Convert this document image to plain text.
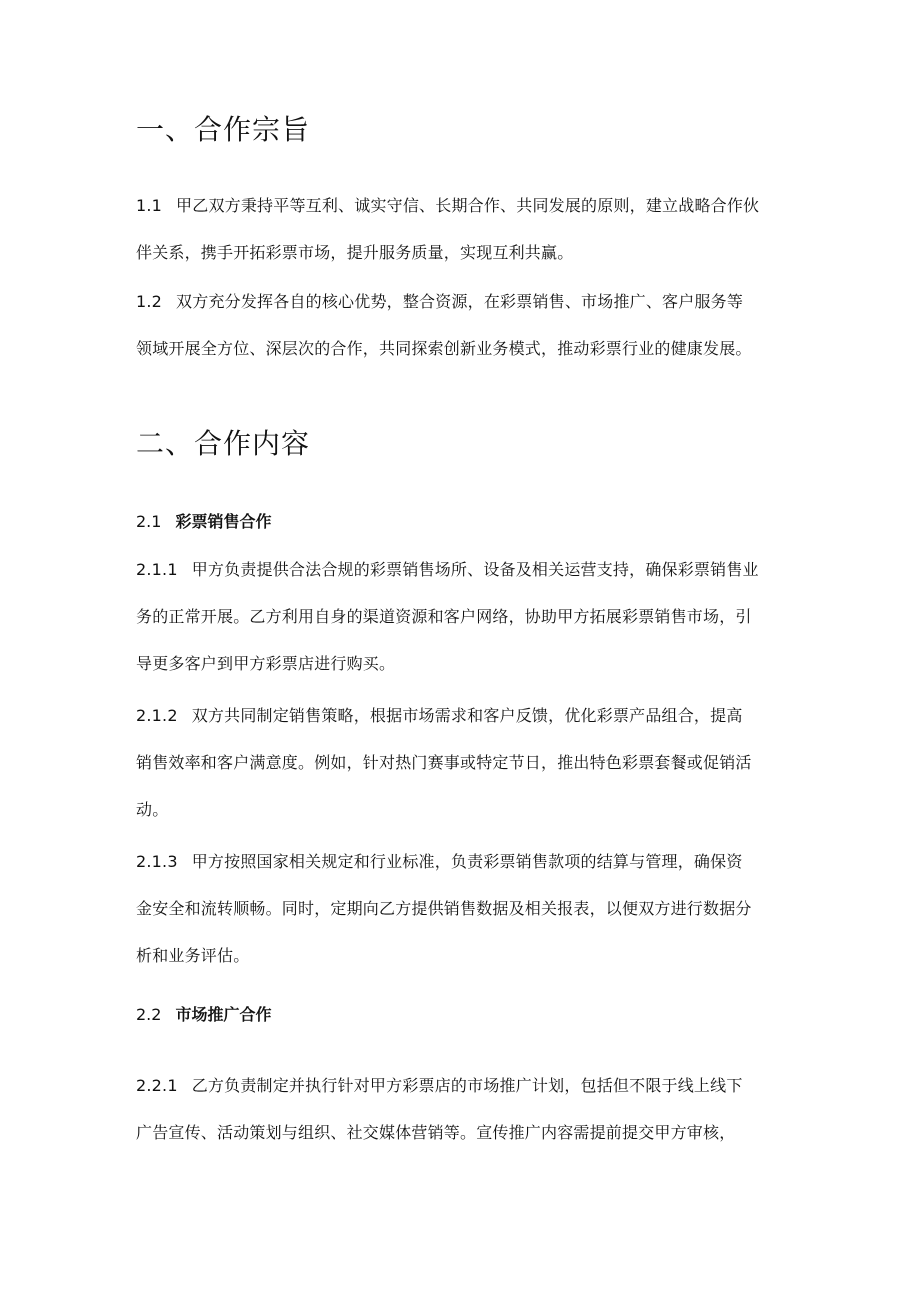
一、合作宗旨
1.1 甲乙双方秉持平等互利、诚实守信、长期合作、共同发展的原则，建立战略合作伙
伴关系，携手开拓彩票市场，提升服务质量，实现互利共赢。
1.2 双方充分发挥各自的核心优势，整合资源，在彩票销售、市场推广、客户服务等
领域开展全方位、深层次的合作，共同探索创新业务模式，推动彩票行业的健康发展。
二、合作内容
2.1 彩票销售合作
2.1.1 甲方负责提供合法合规的彩票销售场所、设备及相关运营支持，确保彩票销售业
务的正常开展。乙方利用自身的渠道资源和客户网络，协助甲方拓展彩票销售市场，引
导更多客户到甲方彩票店进行购买。
2.1.2 双方共同制定销售策略，根据市场需求和客户反馈，优化彩票产品组合，提高
销售效率和客户满意度。例如，针对热门赛事或特定节日，推出特色彩票套餐或促销活
动。
2.1.3 甲方按照国家相关规定和行业标准，负责彩票销售款项的结算与管理，确保资
金安全和流转顺畅。同时，定期向乙方提供销售数据及相关报表，以便双方进行数据分
析和业务评估。
2.2 市场推广合作
2.2.1 乙方负责制定并执行针对甲方彩票店的市场推广计划，包括但不限于线上线下
广告宣传、活动策划与组织、社交媒体营销等。宣传推广内容需提前提交甲方审核，
